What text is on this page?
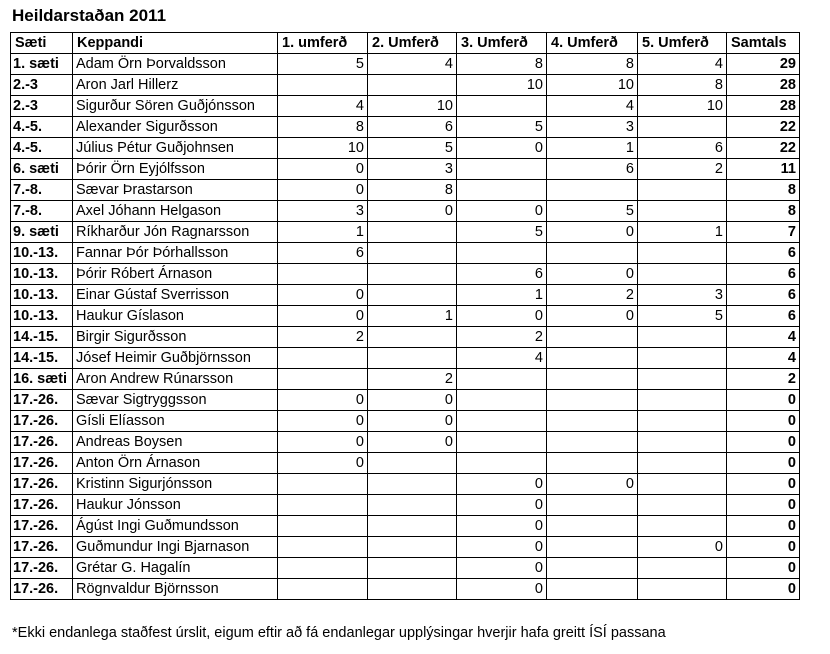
Heildarstaðan 2011
Sæti	Keppandi	1. umferð	2. Umferð	3. Umferð	4. Umferð	5. Umferð	Samtals
1. sæti	Adam Örn Þorvaldsson	5	4	8	8	4	29
2.-3	Aron Jarl Hillerz			10	10	8	28
2.-3	Sigurður Sören Guðjónsson	4	10		4	10	28
4.-5.	Alexander Sigurðsson	8	6	5	3		22
4.-5.	Július Pétur Guðjohnsen	10	5	0	1	6	22
6. sæti	Þórir Örn Eyjólfsson	0	3		6	2	11
7.-8.	Sævar Þrastarson	0	8				8
7.-8.	Axel Jóhann Helgason	3	0	0	5		8
9. sæti	Ríkharður Jón Ragnarsson	1		5	0	1	7
10.-13.	Fannar Þór Þórhallsson	6					6
10.-13.	Þórir Róbert Árnason			6	0		6
10.-13.	Einar Gústaf Sverrisson	0		1	2	3	6
10.-13.	Haukur Gíslason	0	1	0	0	5	6
14.-15.	Birgir Sigurðsson	2		2			4
14.-15.	Jósef Heimir Guðbjörnsson			4			4
16. sæti	Aron Andrew Rúnarsson		2				2
17.-26.	Sævar Sigtryggsson	0	0				0
17.-26.	Gísli Elíasson	0	0				0
17.-26.	Andreas Boysen	0	0				0
17.-26.	Anton Örn Árnason	0					0
17.-26.	Kristinn Sigurjónsson			0	0		0
17.-26.	Haukur Jónsson			0			0
17.-26.	Ágúst Ingi Guðmundsson			0			0
17.-26.	Guðmundur Ingi Bjarnason			0		0	0
17.-26.	Grétar G. Hagalín			0			0
17.-26.	Rögnvaldur Björnsson			0			0
*Ekki endanlega staðfest úrslit, eigum eftir að fá endanlegar upplýsingar hverjir hafa greitt ÍSÍ passana
